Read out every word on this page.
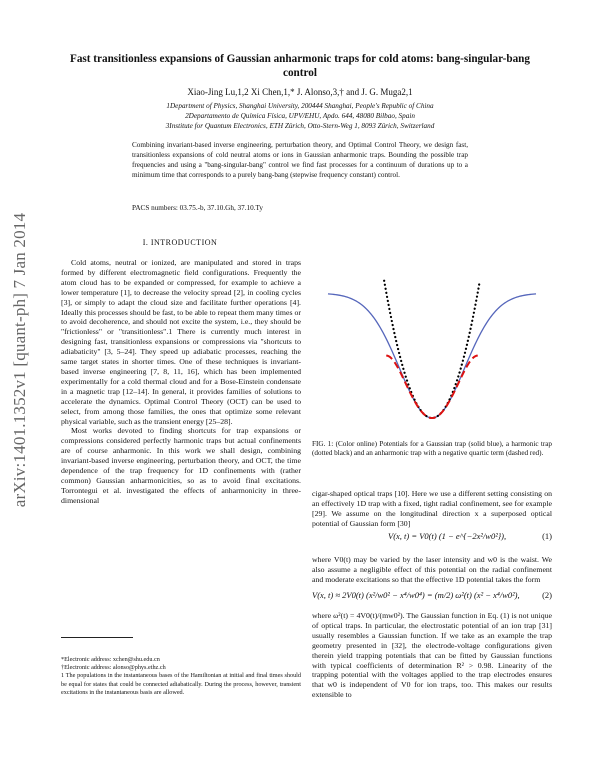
Fast transitionless expansions of Gaussian anharmonic traps for cold atoms: bang-singular-bang control
Xiao-Jing Lu,1,2 Xi Chen,1,* J. Alonso,3,† and J. G. Muga2,1
1Department of Physics, Shanghai University, 200444 Shanghai, People's Republic of China
2Departamento de Química Física, UPV/EHU, Apdo. 644, 48080 Bilbao, Spain
3Institute for Quantum Electronics, ETH Zürich, Otto-Stern-Weg 1, 8093 Zürich, Switzerland
Combining invariant-based inverse engineering, perturbation theory, and Optimal Control Theory, we design fast, transitionless expansions of cold neutral atoms or ions in Gaussian anharmonic traps. Bounding the possible trap frequencies and using a "bang-singular-bang" control we find fast processes for a continuum of durations up to a minimum time that corresponds to a purely bang-bang (stepwise frequency constant) control.
PACS numbers: 03.75.-b, 37.10.Gh, 37.10.Ty
arXiv:1401.1352v1 [quant-ph] 7 Jan 2014	I. INTRODUCTION

Cold atoms, neutral or ionized, are manipulated and stored in traps formed by different electromagnetic field configurations. Frequently the atom cloud has to be expanded or compressed, for example to achieve a lower temperature [1], to decrease the velocity spread [2], in cooling cycles [3], or simply to adapt the cloud size and facilitate further operations [4]. Ideally this processes should be fast, to be able to repeat them many times or to avoid decoherence, and should not excite the system, i.e., they should be "frictionless" or "transitionless".1 There is currently much interest in designing fast, transitionless expansions or compressions via "shortcuts to adiabaticity" [3, 5–24]. They speed up adiabatic processes, reaching the same target states in shorter times. One of these techniques is invariant-based inverse engineering [7, 8, 11, 16], which has been implemented experimentally for a cold thermal cloud and for a Bose-Einstein condensate in a magnetic trap [12–14]. In general, it provides families of solutions to accelerate the dynamics. Optimal Control Theory (OCT) can be used to select, from among those families, the ones that optimize some relevant physical variable, such as the transient energy [25–28].

Most works devoted to finding shortcuts for trap expansions or compressions considered perfectly harmonic traps but actual confinements are of course anharmonic. In this work we shall design, combining invariant-based inverse engineering, perturbation theory, and OCT, the time dependence of the trap frequency for 1D confinements with (rather common) Gaussian anharmonicities, so as to avoid final excitations. Torrontegui et al. investigated the effects of anharmonicity in three-dimensional

*Electronic address: xchen@shu.edu.cn
†Electronic address: alonso@phys.ethz.ch
1 The populations in the instantaneous bases of the Hamiltonian at initial and final times should be equal for states that could be connected adiabatically. During the process, however, transient excitations in the instantaneous basis are allowed.
FIG. 1: (Color online) Potentials for a Gaussian trap (solid blue), a harmonic trap (dotted black) and an anharmonic trap with a negative quartic term (dashed red).
cigar-shaped optical traps [10]. Here we use a different setting consisting on an effectively 1D trap with a fixed, tight radial confinement, see for example [29]. We assume on the longitudinal direction x a superposed optical potential of Gaussian form [30]
V(x, t) = V0(t) (1 − e^{−2x²/w0²}),	(1)
where V0(t) may be varied by the laser intensity and w0 is the waist. We also assume a negligible effect of this potential on the radial confinement and moderate excitations so that the effective 1D potential takes the form
V(x, t) ≈ 2V0(t) (x²/w0² − x⁴/w0⁴) = (m/2) ω²(t) (x² − x⁴/w0²),	(2)
where ω²(t) = 4V0(t)/(mw0²). The Gaussian function in Eq. (1) is not unique of optical traps. In particular, the electrostatic potential of an ion trap [31] usually resembles a Gaussian function. If we take as an example the trap geometry presented in [32], the electrode-voltage configurations given therein yield trapping potentials that can be fitted by Gaussian functions with typical coefficients of determination R² > 0.98. Linearity of the trapping potential with the voltages applied to the trap electrodes ensures that w0 is independent of V0 for ion traps, too. This makes our results extensible to
